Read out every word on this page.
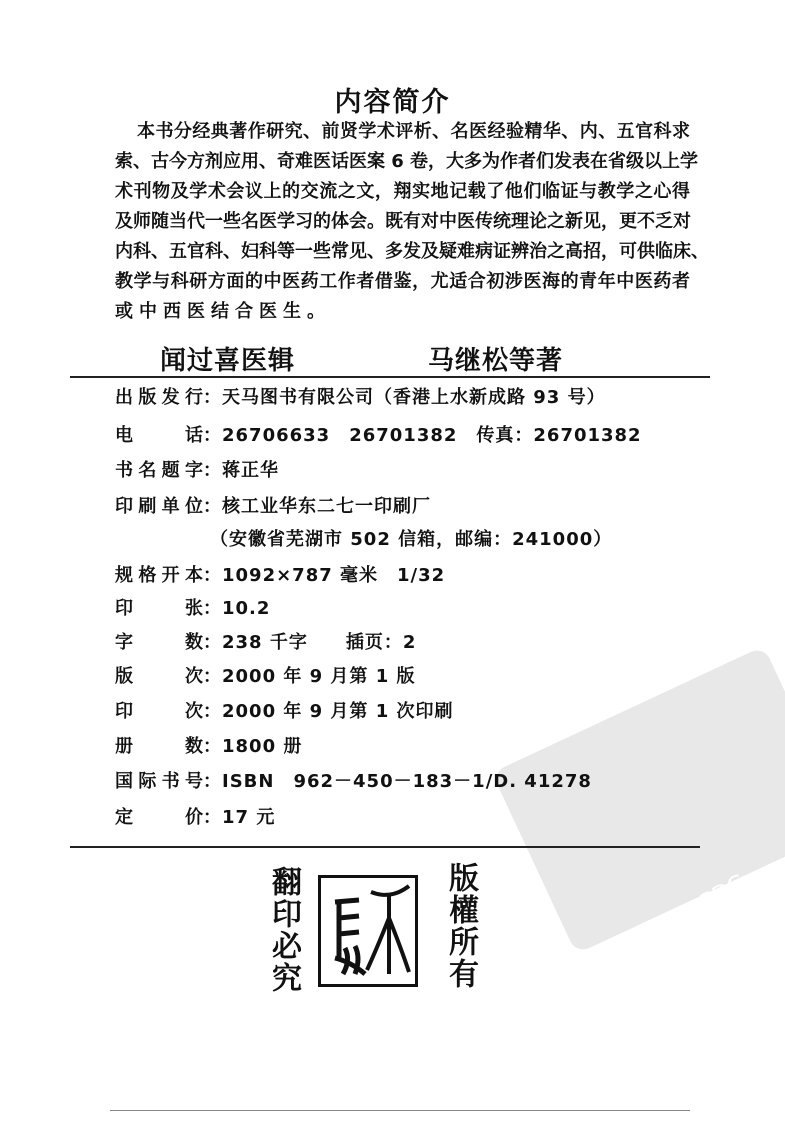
PDG
内容简介
本书分经典著作研究、前贤学术评析、名医经验精华、内、五官科求
索、古今方剂应用、奇难医话医案 6 卷，大多为作者们发表在省级以上学
术刊物及学术会议上的交流之文，翔实地记载了他们临证与教学之心得
及师随当代一些名医学习的体会。既有对中医传统理论之新见，更不乏对
内科、五官科、妇科等一些常见、多发及疑难病证辨治之高招，可供临床、
教学与科研方面的中医药工作者借鉴，尤适合初涉医海的青年中医药者
或中西医结合医生。
闻过喜医辑	马继松等著
出版发行：天马图书有限公司（香港上水新成路 93 号）
电话：26706633　26701382　传真：26701382
书名题字：蒋正华
印刷单位：核工业华东二七一印刷厂
（安徽省芜湖市 502 信箱，邮编：241000）
规格开本：1092×787 毫米　1/32
印张：10.2
字数：238 千字　　插页：2
版次：2000 年 9 月第 1 版
印次：2000 年 9 月第 1 次印刷
册数：1800 册
国际书号：ISBN　962－450－183－1/D. 41278
定价：17 元
翻印必究	版權所有
